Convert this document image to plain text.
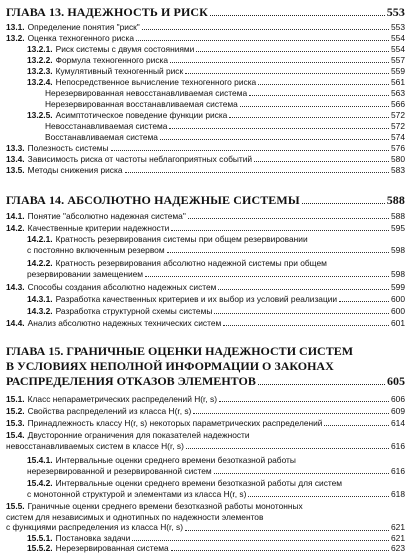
ГЛАВА 13. НАДЕЖНОСТЬ И РИСК	553
13.1. Определение понятия "риск"	553
13.2. Оценка техногенного риска	554
13.2.1. Риск системы с двумя состояниями	554
13.2.2. Формула техногенного риска	557
13.2.3. Кумулятивный техногенный риск	559
13.2.4. Непосредственное вычисление техногенного риска	561
Нерезервированная невосстанавливаемая система	563
Нерезервированная восстанавливаемая система	566
13.2.5. Асимптотическое поведение функции риска	572
Невосстанавливаемая система	572
Восстанавливаемая система	574
13.3. Полезность системы	576
13.4. Зависимость риска от частоты неблагоприятных событий	580
13.5. Методы снижения риска	583
ГЛАВА 14. АБСОЛЮТНО НАДЕЖНЫЕ СИСТЕМЫ	588
14.1. Понятие "абсолютно надежная система"	588
14.2. Качественные критерии надежности	595
14.2.1. Кратность резервирования системы при общем резервировании
с постоянно включенным резервом	598
14.2.2. Кратность резервирования абсолютно надежной системы при общем
резервировании замещением	598
14.3. Способы создания абсолютно надежных систем	599
14.3.1. Разработка качественных критериев и их выбор из условий реализации	600
14.3.2. Разработка структурной схемы системы	600
14.4. Анализ абсолютно надежных технических систем	601
ГЛАВА 15. ГРАНИЧНЫЕ ОЦЕНКИ НАДЕЖНОСТИ СИСТЕМ
В УСЛОВИЯХ НЕПОЛНОЙ ИНФОРМАЦИИ О ЗАКОНАХ
РАСПРЕДЕЛЕНИЯ ОТКАЗОВ ЭЛЕМЕНТОВ	605
15.1. Класс непараметрических распределений H(r, s)	606
15.2. Свойства распределений из класса H(r, s)	609
15.3. Принадлежность классу H(r, s) некоторых параметрических распределений	614
15.4. Двусторонние ограничения для показателей надежности
невосстанавливаемых систем в классе H(r, s)	616
15.4.1. Интервальные оценки среднего времени безотказной работы
нерезервированной и резервированной систем	616
15.4.2. Интервальные оценки среднего времени безотказной работы для систем
с монотонной структурой и элементами из класса H(r, s)	618
15.5. Граничные оценки среднего времени безотказной работы монотонных
систем для независимых и однотипных по надежности элементов
с функциями распределения из класса H(r, s)	621
15.5.1. Постановка задачи	621
15.5.2. Нерезервированная система	623
